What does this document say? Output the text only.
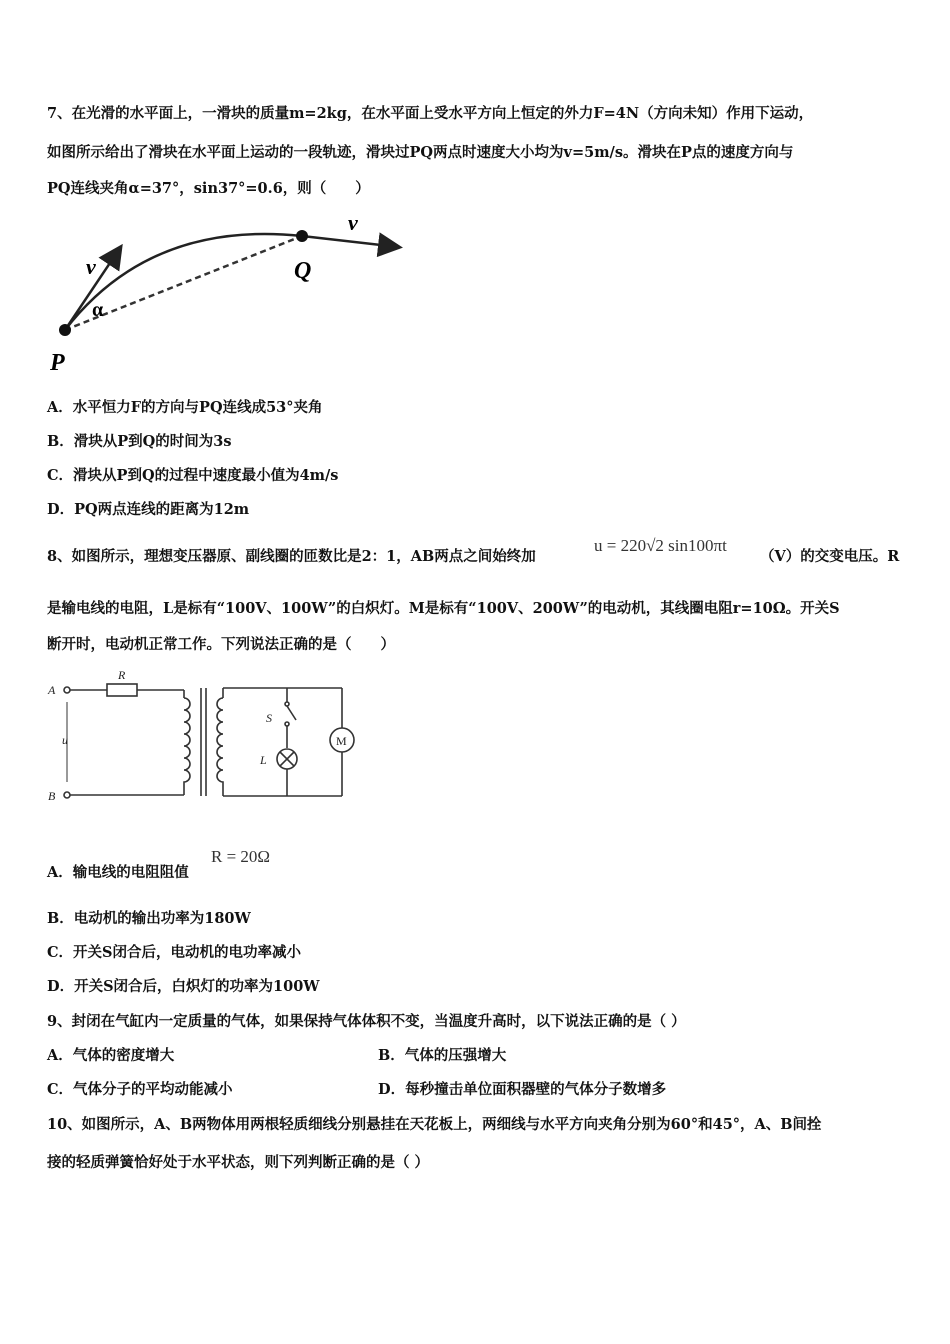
7、在光滑的水平面上，一滑块的质量m=2kg，在水平面上受水平方向上恒定的外力F=4N（方向未知）作用下运动，
如图所示给出了滑块在水平面上运动的一段轨迹，滑块过PQ两点时速度大小均为v=5m/s。滑块在P点的速度方向与
PQ连线夹角α=37°，sin37°=0.6，则（　　）
v
v
α
P
Q
A．水平恒力F的方向与PQ连线成53°夹角
B．滑块从P到Q的时间为3s
C．滑块从P到Q的过程中速度最小值为4m/s
D．PQ两点连线的距离为12m
8、如图所示，理想变压器原、副线圈的匝数比是2：1，AB两点之间始终加
u = 220√2 sin100πt
（V）的交变电压。R
是输电线的电阻，L是标有“100V、100W”的白炽灯。M是标有“100V、200W”的电动机，其线圈电阻r=10Ω。开关S
断开时，电动机正常工作。下列说法正确的是（　　）
A
B
R
u
S
L
M
A．输电线的电阻阻值
R = 20Ω
B．电动机的输出功率为180W
C．开关S闭合后，电动机的电功率减小
D．开关S闭合后，白炽灯的功率为100W
9、封闭在气缸内一定质量的气体，如果保持气体体积不变，当温度升高时，以下说法正确的是（ ）
A．气体的密度增大	B．气体的压强增大
C．气体分子的平均动能减小	D．每秒撞击单位面积器壁的气体分子数增多
10、如图所示，A、B两物体用两根轻质细线分别悬挂在天花板上，两细线与水平方向夹角分别为60°和45°，A、B间拴
接的轻质弹簧恰好处于水平状态，则下列判断正确的是（ ）
